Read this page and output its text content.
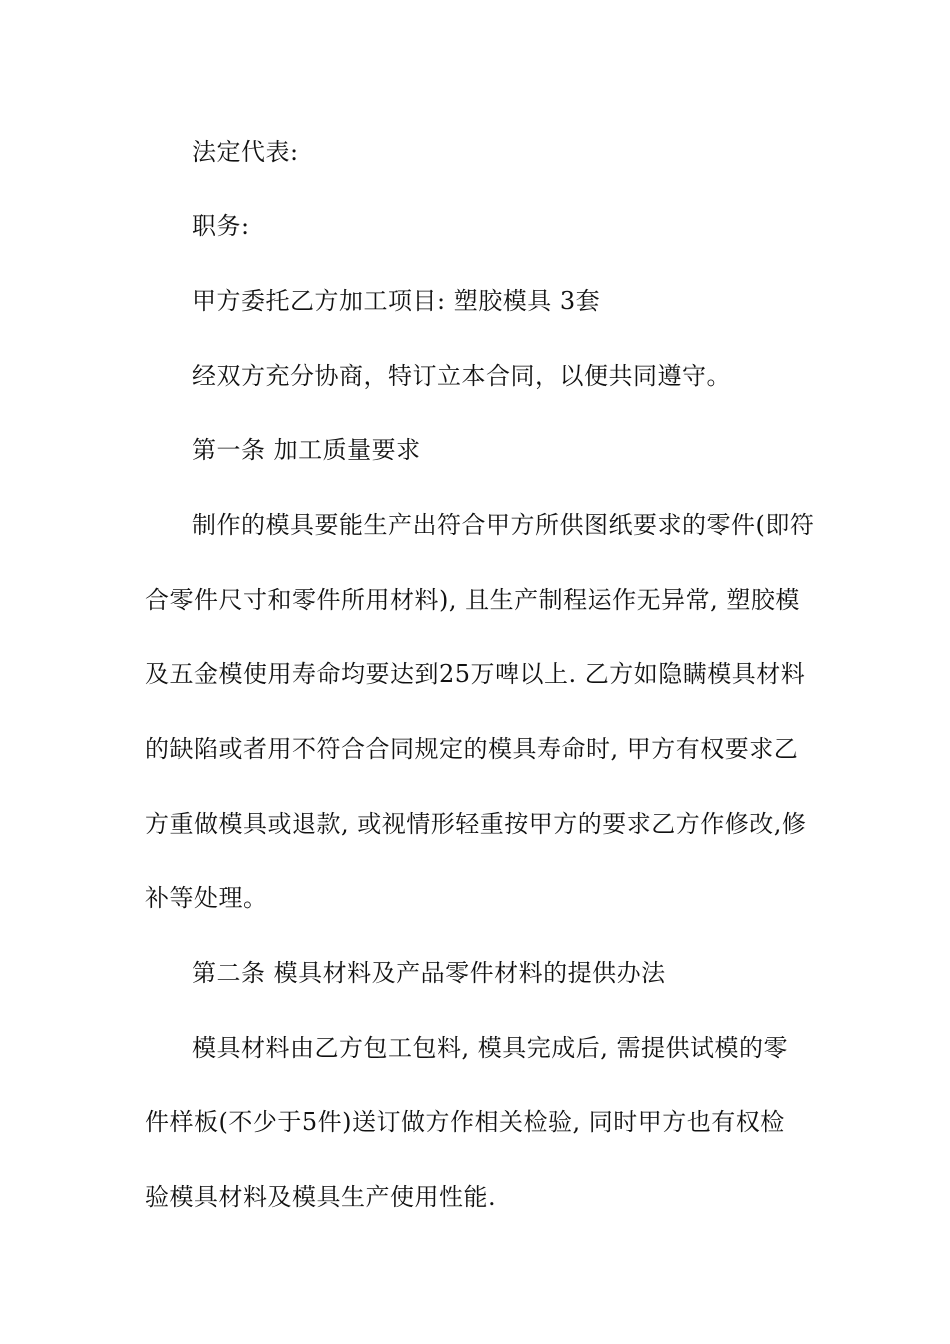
法定代表:
职务:
甲方委托乙方加工项目: 塑胶模具 3套
经双方充分协商，特订立本合同，以便共同遵守。
第一条 加工质量要求
制作的模具要能生产出符合甲方所供图纸要求的零件(即符
合零件尺寸和零件所用材料), 且生产制程运作无异常, 塑胶模
及五金模使用寿命均要达到25万啤以上. 乙方如隐瞒模具材料
的缺陷或者用不符合合同规定的模具寿命时, 甲方有权要求乙
方重做模具或退款, 或视情形轻重按甲方的要求乙方作修改,修
补等处理。
第二条 模具材料及产品零件材料的提供办法
模具材料由乙方包工包料, 模具完成后, 需提供试模的零
件样板(不少于5件)送订做方作相关检验, 同时甲方也有权检
验模具材料及模具生产使用性能.
